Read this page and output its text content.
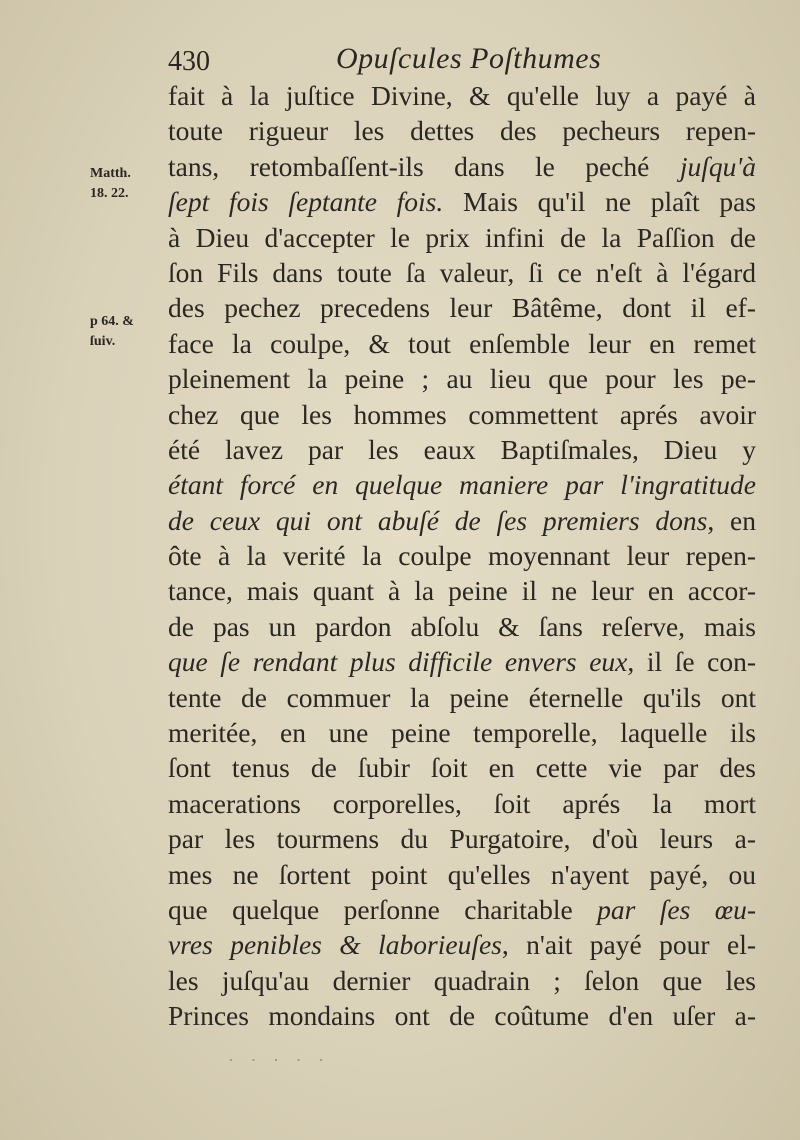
430	Opuſcules Poſthumes
Matth.
18. 22.
p 64. &
ſuiv.
fait à la juſtice Divine, & qu'elle luy a payé à
toute rigueur les dettes des pecheurs repen-
tans, retombaſſent-ils dans le peché juſqu'à
ſept fois ſeptante fois. Mais qu'il ne plaît pas
à Dieu d'accepter le prix infini de la Paſſion de
ſon Fils dans toute ſa valeur, ſi ce n'eſt à l'égard
des pechez precedens leur Bâtême, dont il ef-
face la coulpe, & tout enſemble leur en remet
pleinement la peine ; au lieu que pour les pe-
chez que les hommes commettent aprés avoir
été lavez par les eaux Baptiſmales, Dieu y
étant forcé en quelque maniere par l'ingratitude
de ceux qui ont abuſé de ſes premiers dons, en
ôte à la verité la coulpe moyennant leur repen-
tance, mais quant à la peine il ne leur en accor-
de pas un pardon abſolu & ſans reſerve, mais
que ſe rendant plus difficile envers eux, il ſe con-
tente de commuer la peine éternelle qu'ils ont
meritée, en une peine temporelle, laquelle ils
ſont tenus de ſubir ſoit en cette vie par des
macerations corporelles, ſoit aprés la mort
par les tourmens du Purgatoire, d'où leurs a-
mes ne ſortent point qu'elles n'ayent payé, ou
que quelque perſonne charitable par ſes œu-
vres penibles & laborieuſes, n'ait payé pour el-
les juſqu'au dernier quadrain ; ſelon que les
Princes mondains ont de coûtume d'en uſer a-
· · · · ·
